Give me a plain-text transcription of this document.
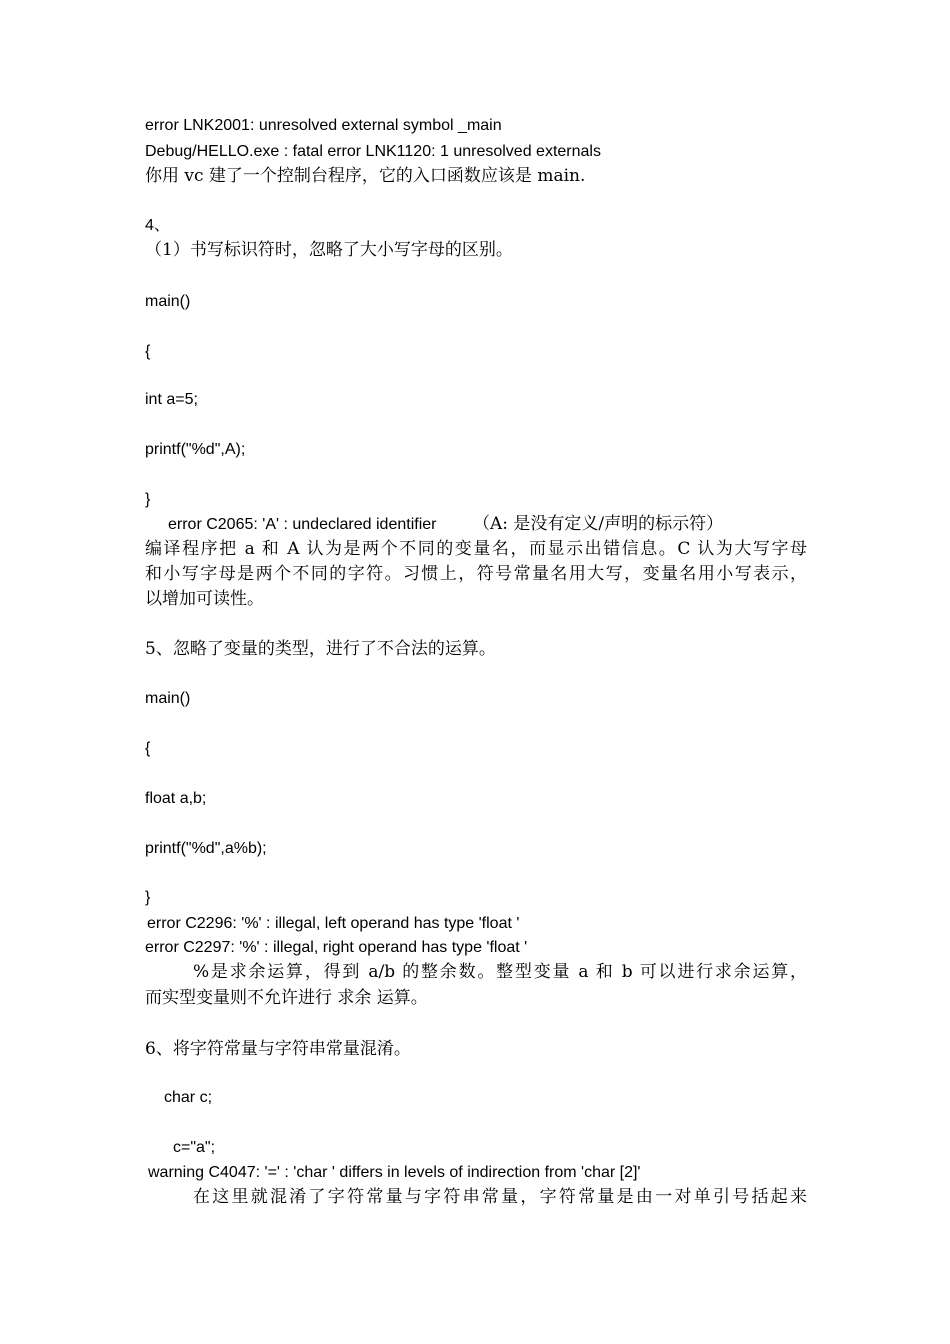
error LNK2001: unresolved external symbol _main
Debug/HELLO.exe : fatal error LNK1120: 1 unresolved externals
你用 vc 建了一个控制台程序，它的入口函数应该是 main.
4、
（1）书写标识符时，忽略了大小写字母的区别。
main()
{
int a=5;
printf("%d",A);
}
error C2065: 'A' : undeclared identifier （A: 是没有定义/声明的标示符）
编译程序把 a 和 A 认为是两个不同的变量名，而显示出错信息。C 认为大写字母
和小写字母是两个不同的字符。习惯上，符号常量名用大写，变量名用小写表示，
以增加可读性。
5、忽略了变量的类型，进行了不合法的运算。
main()
{
float a,b;
printf("%d",a%b);
}
error C2296: '%' : illegal, left operand has type 'float '
error C2297: '%' : illegal, right operand has type 'float '
%是求余运算，得到 a/b 的整余数。整型变量 a 和 b 可以进行求余运算，
而实型变量则不允许进行 求余 运算。
6、将字符常量与字符串常量混淆。
char c;
c="a";
warning C4047: '=' : 'char ' differs in levels of indirection from 'char [2]'
在这里就混淆了字符常量与字符串常量，字符常量是由一对单引号括起来
